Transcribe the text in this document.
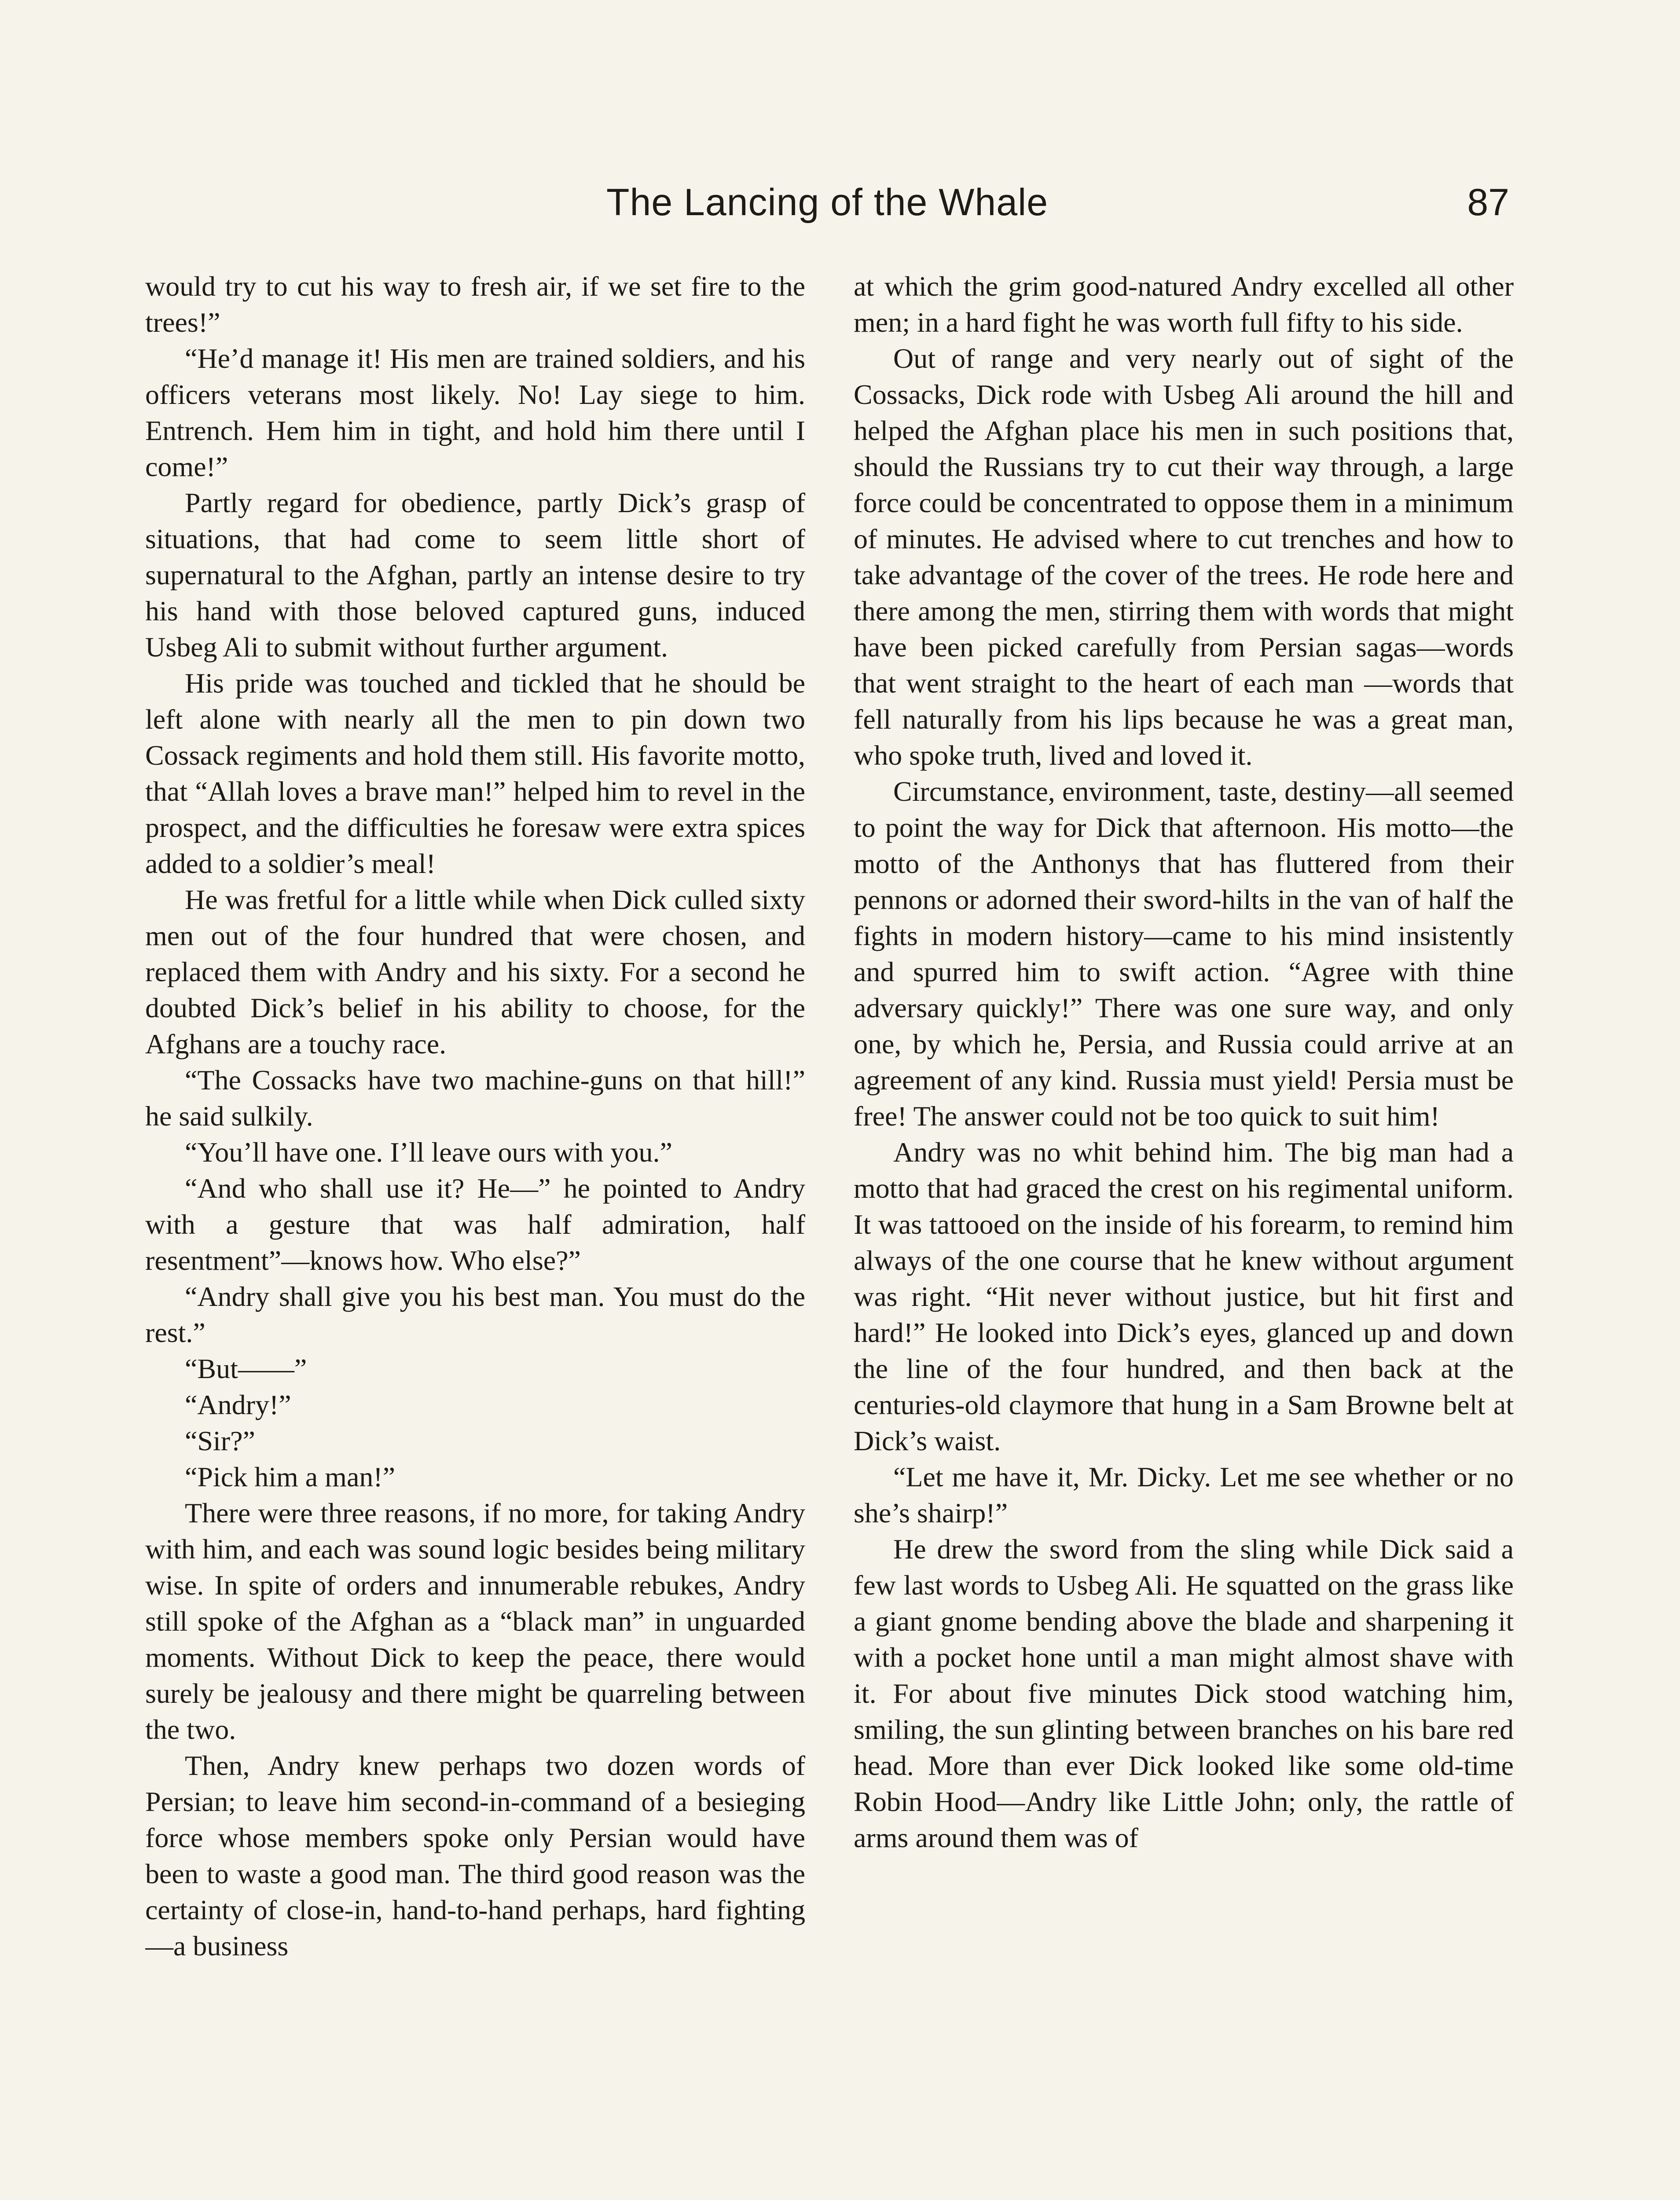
The Lancing of the Whale	87

would try to cut his way to fresh air, if we set fire to the trees!”

“He’d manage it! His men are trained soldiers, and his officers veterans most likely. No! Lay siege to him. Entrench. Hem him in tight, and hold him there until I come!”

Partly regard for obedience, partly Dick’s grasp of situations, that had come to seem little short of supernatural to the Afghan, partly an intense desire to try his hand with those beloved captured guns, induced Usbeg Ali to submit without further argument.

His pride was touched and tickled that he should be left alone with nearly all the men to pin down two Cossack regiments and hold them still. His favorite motto, that “Allah loves a brave man!” helped him to revel in the prospect, and the difficulties he foresaw were extra spices added to a soldier’s meal!

He was fretful for a little while when Dick culled sixty men out of the four hundred that were chosen, and replaced them with Andry and his sixty. For a second he doubted Dick’s belief in his ability to choose, for the Afghans are a touchy race.

“The Cossacks have two machine-guns on that hill!” he said sulkily.

“You’ll have one. I’ll leave ours with you.”

“And who shall use it? He—” he pointed to Andry with a gesture that was half admiration, half resentment”—knows how. Who else?”

“Andry shall give you his best man. You must do the rest.”

“But——”

“Andry!”

“Sir?”

“Pick him a man!”

There were three reasons, if no more, for taking Andry with him, and each was sound logic besides being military wise. In spite of orders and innumerable rebukes, Andry still spoke of the Afghan as a “black man” in unguarded moments. Without Dick to keep the peace, there would surely be jealousy and there might be quarreling between the two.

Then, Andry knew perhaps two dozen words of Persian; to leave him second-in-command of a besieging force whose members spoke only Persian would have been to waste a good man. The third good reason was the certainty of close-in, hand-to-hand perhaps, hard fighting—a business

at which the grim good-natured Andry excelled all other men; in a hard fight he was worth full fifty to his side.

Out of range and very nearly out of sight of the Cossacks, Dick rode with Usbeg Ali around the hill and helped the Afghan place his men in such positions that, should the Russians try to cut their way through, a large force could be concentrated to oppose them in a minimum of minutes. He advised where to cut trenches and how to take advantage of the cover of the trees. He rode here and there among the men, stirring them with words that might have been picked carefully from Persian sagas—words that went straight to the heart of each man —words that fell naturally from his lips because he was a great man, who spoke truth, lived and loved it.

Circumstance, environment, taste, destiny—all seemed to point the way for Dick that afternoon. His motto—the motto of the Anthonys that has fluttered from their pennons or adorned their sword-hilts in the van of half the fights in modern history—came to his mind insistently and spurred him to swift action. “Agree with thine adversary quickly!” There was one sure way, and only one, by which he, Persia, and Russia could arrive at an agreement of any kind. Russia must yield! Persia must be free! The answer could not be too quick to suit him!

Andry was no whit behind him. The big man had a motto that had graced the crest on his regimental uniform. It was tattooed on the inside of his forearm, to remind him always of the one course that he knew without argument was right. “Hit never without justice, but hit first and hard!” He looked into Dick’s eyes, glanced up and down the line of the four hundred, and then back at the centuries-old claymore that hung in a Sam Browne belt at Dick’s waist.

“Let me have it, Mr. Dicky. Let me see whether or no she’s shairp!”

He drew the sword from the sling while Dick said a few last words to Usbeg Ali. He squatted on the grass like a giant gnome bending above the blade and sharpening it with a pocket hone until a man might almost shave with it. For about five minutes Dick stood watching him, smiling, the sun glinting between branches on his bare red head. More than ever Dick looked like some old-time Robin Hood—Andry like Little John; only, the rattle of arms around them was of
